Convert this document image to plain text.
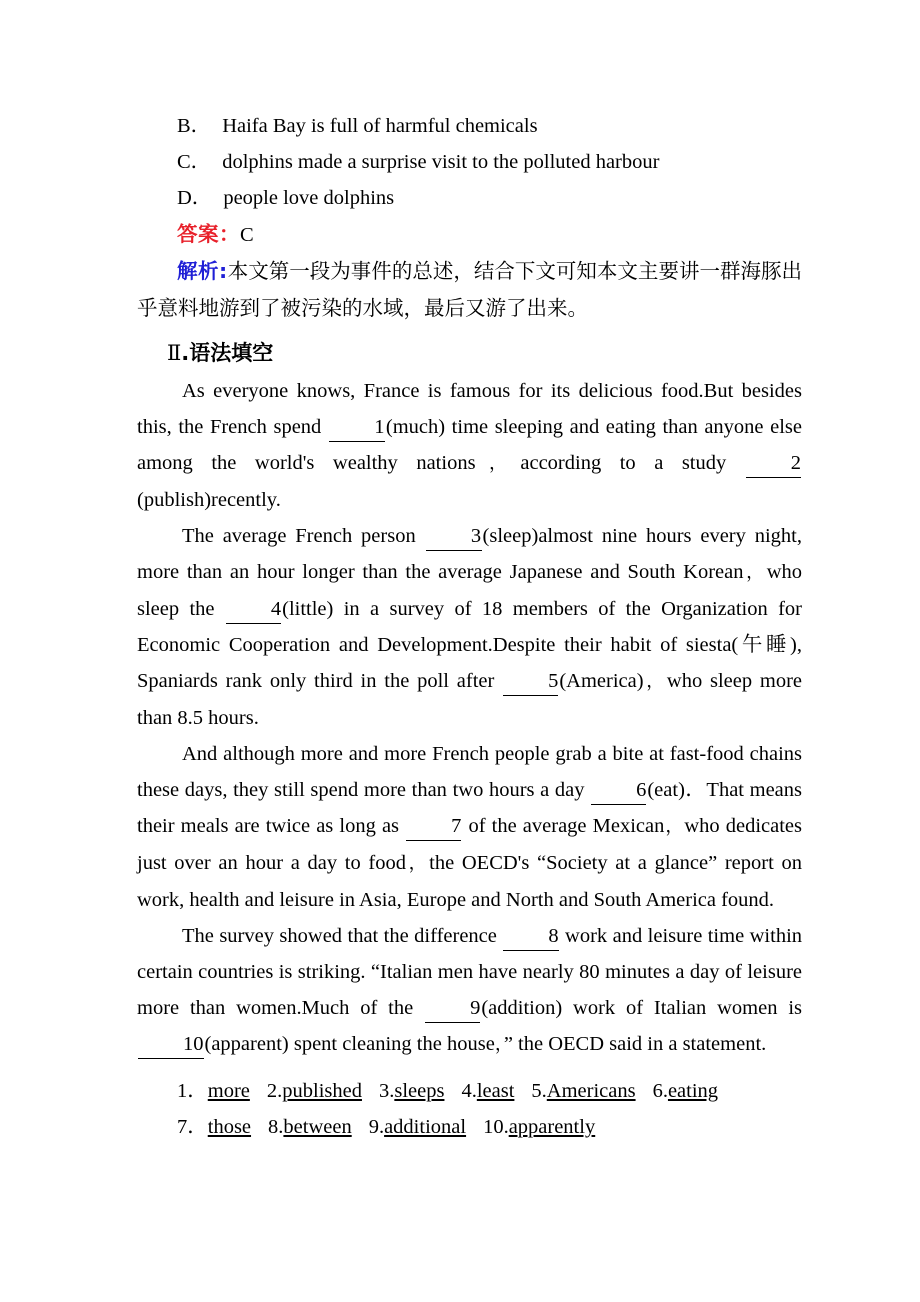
B． Haifa Bay is full of harmful chemicals
C． dolphins made a surprise visit to the polluted harbour
D． people love dolphins
答案：C
解析:本文第一段为事件的总述，结合下文可知本文主要讲一群海豚出乎意料地游到了被污染的水域，最后又游了出来。
Ⅱ.语法填空

As everyone knows, France is famous for its delicious food.But besides this, the French spend 1(much) time sleeping and eating than anyone else among the world's wealthy nations，according to a study 2(publish)recently.

The average French person 3(sleep)almost nine hours every night, more than an hour longer than the average Japanese and South Korean，who sleep the 4(little) in a survey of 18 members of the Organization for Economic Cooperation and Development.Despite their habit of siesta(午睡), Spaniards rank only third in the poll after 5(America)，who sleep more than 8.5 hours.

And although more and more French people grab a bite at fast-food chains these days, they still spend more than two hours a day 6(eat)．That means their meals are twice as long as 7 of the average Mexican，who dedicates just over an hour a day to food，the OECD's “Society at a glance” report on work, health and leisure in Asia, Europe and North and South America found.

The survey showed that the difference 8 work and leisure time within certain countries is striking. “Italian men have nearly 80 minutes a day of leisure more than women.Much of the 9(addition) work of Italian women is 10(apparent) spent cleaning the house，” the OECD said in a statement.

1．more 2.published 3.sleeps 4.least 5.Americans 6.eating
7．those 8.between 9.additional 10.apparently
